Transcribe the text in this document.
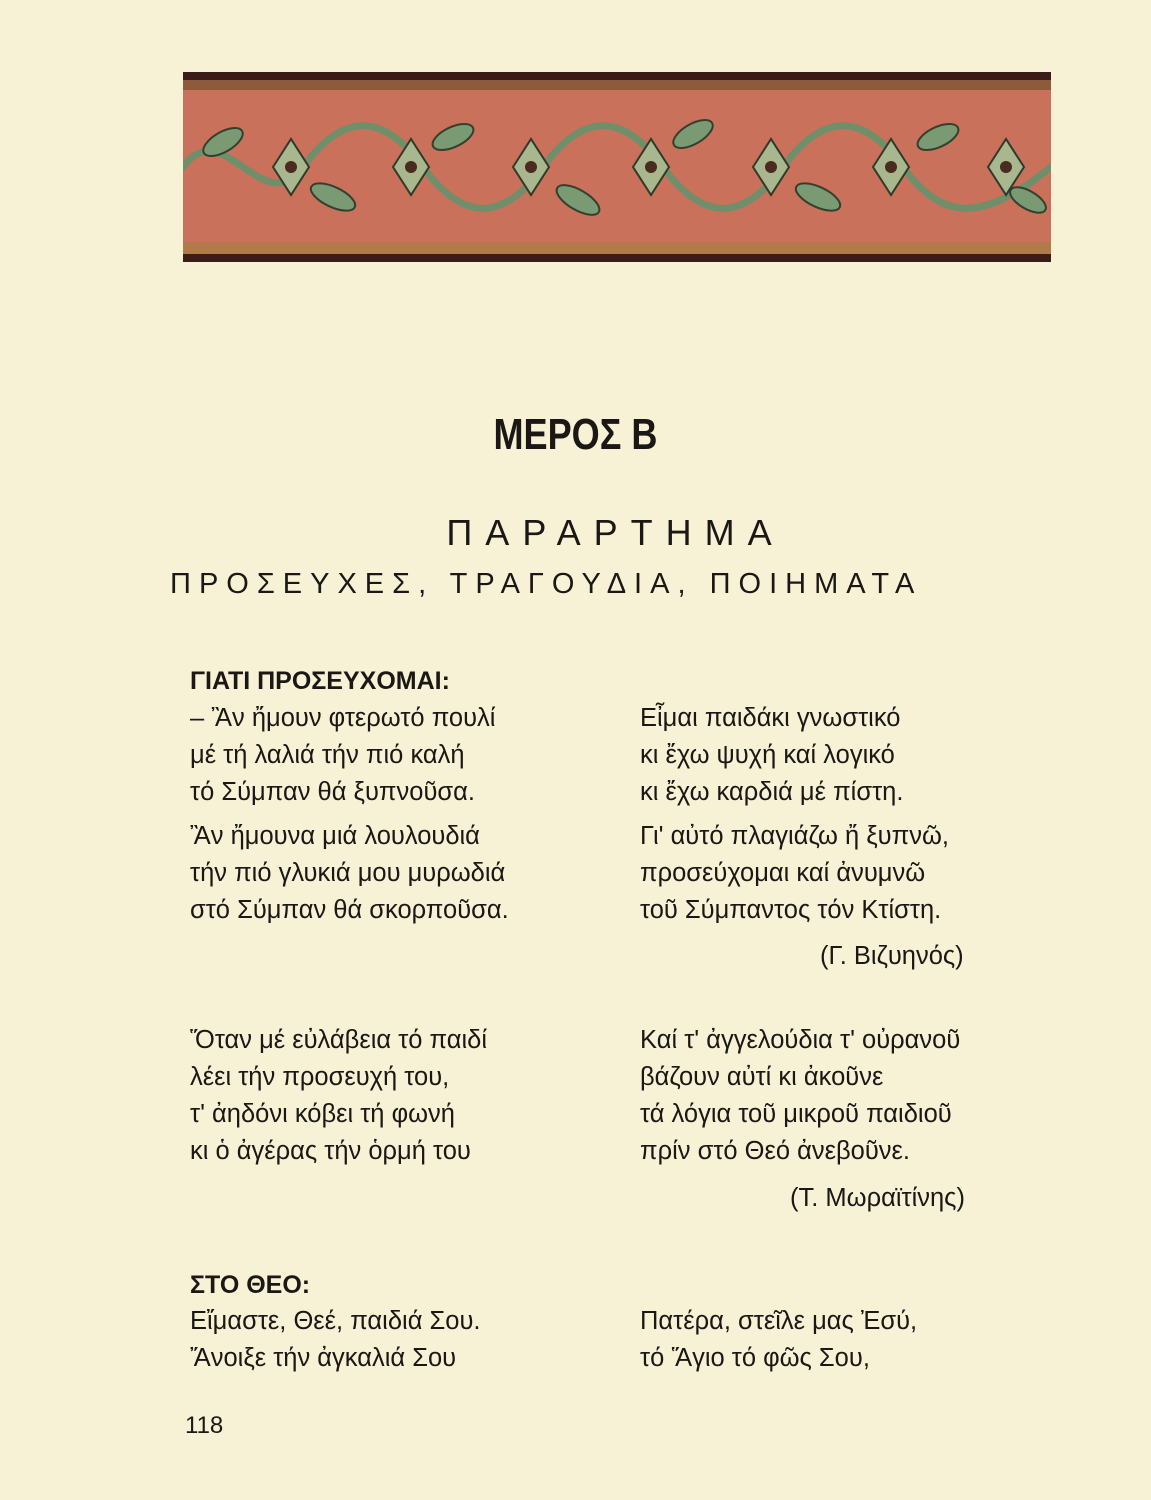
ΜΕΡΟΣ Β
ΠΑΡΑΡΤΗΜΑ
ΠΡΟΣΕΥΧΕΣ, ΤΡΑΓΟΥΔΙΑ, ΠΟΙΗΜΑΤΑ
ΓΙΑΤΙ ΠΡΟΣΕΥΧΟΜΑΙ:
– Ἂν ἤμουν φτερωτό πουλί
μέ τή λαλιά τήν πιό καλή
τό Σύμπαν θά ξυπνοῦσα.
Ἂν ἤμουνα μιά λουλουδιά
τήν πιό γλυκιά μου μυρωδιά
στό Σύμπαν θά σκορποῦσα.
Εἶμαι παιδάκι γνωστικό
κι ἔχω ψυχή καί λογικό
κι ἔχω καρδιά μέ πίστη.
Γι' αὐτό πλαγιάζω ἤ ξυπνῶ,
προσεύχομαι καί ἀνυμνῶ
τοῦ Σύμπαντος τόν Κτίστη.
(Γ. Βιζυηνός)
Ὅταν μέ εὐλάβεια τό παιδί
λέει τήν προσευχή του,
τ' ἀηδόνι κόβει τή φωνή
κι ὁ ἀγέρας τήν ὁρμή του
Καί τ' ἀγγελούδια τ' οὐρανοῦ
βάζουν αὐτί κι ἀκοῦνε
τά λόγια τοῦ μικροῦ παιδιοῦ
πρίν στό Θεό ἀνεβοῦνε.
(Τ. Μωραϊτίνης)
ΣΤΟ ΘΕΟ:
Εἴμαστε, Θεέ, παιδιά Σου.
Ἄνοιξε τήν ἀγκαλιά Σου
Πατέρα, στεῖλε μας Ἐσύ,
τό Ἅγιο τό φῶς Σου,
118
